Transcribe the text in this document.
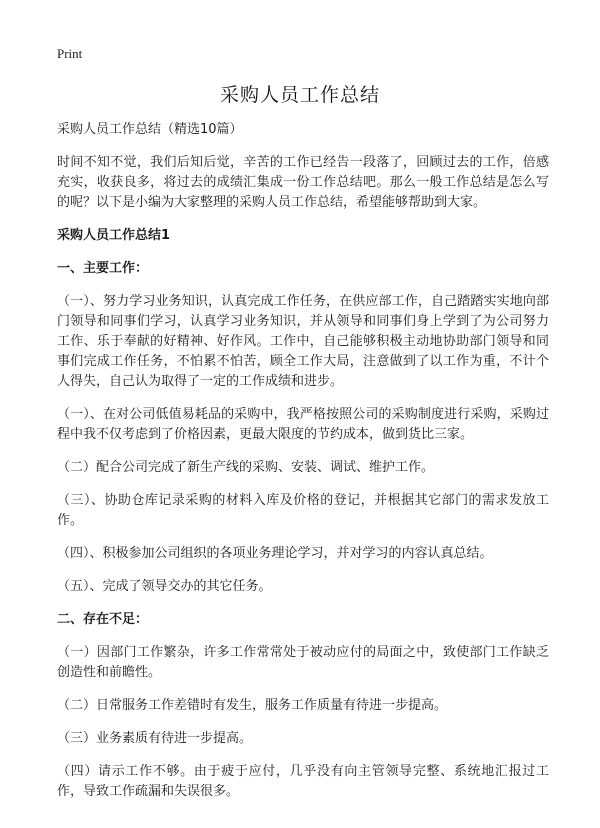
Print
采购人员工作总结

采购人员工作总结（精选10篇）

时间不知不觉，我们后知后觉，辛苦的工作已经告一段落了，回顾过去的工作，倍感充实，收获良多，将过去的成绩汇集成一份工作总结吧。那么一般工作总结是怎么写的呢？以下是小编为大家整理的采购人员工作总结，希望能够帮助到大家。

采购人员工作总结1

一、主要工作：

（一）、努力学习业务知识，认真完成工作任务，在供应部工作，自己踏踏实实地向部门领导和同事们学习，认真学习业务知识，并从领导和同事们身上学到了为公司努力工作、乐于奉献的好精神、好作风。工作中，自己能够积极主动地协助部门领导和同事们完成工作任务，不怕累不怕苦，顾全工作大局，注意做到了以工作为重，不计个人得失，自己认为取得了一定的工作成绩和进步。

（一）、在对公司低值易耗品的采购中，我严格按照公司的采购制度进行采购，采购过程中我不仅考虑到了价格因素，更最大限度的节约成本，做到货比三家。

（二）配合公司完成了新生产线的采购、安装、调试、维护工作。

（三）、协助仓库记录采购的材料入库及价格的登记，并根据其它部门的需求发放工作。

（四）、积极参加公司组织的各项业务理论学习，并对学习的内容认真总结。

（五）、完成了领导交办的其它任务。

二、存在不足：

（一）因部门工作繁杂，许多工作常常处于被动应付的局面之中，致使部门工作缺乏创造性和前瞻性。

（二）日常服务工作差错时有发生，服务工作质量有待进一步提高。

（三）业务素质有待进一步提高。

（四）请示工作不够。由于疲于应付，几乎没有向主管领导完整、系统地汇报过工作，导致工作疏漏和失误很多。
